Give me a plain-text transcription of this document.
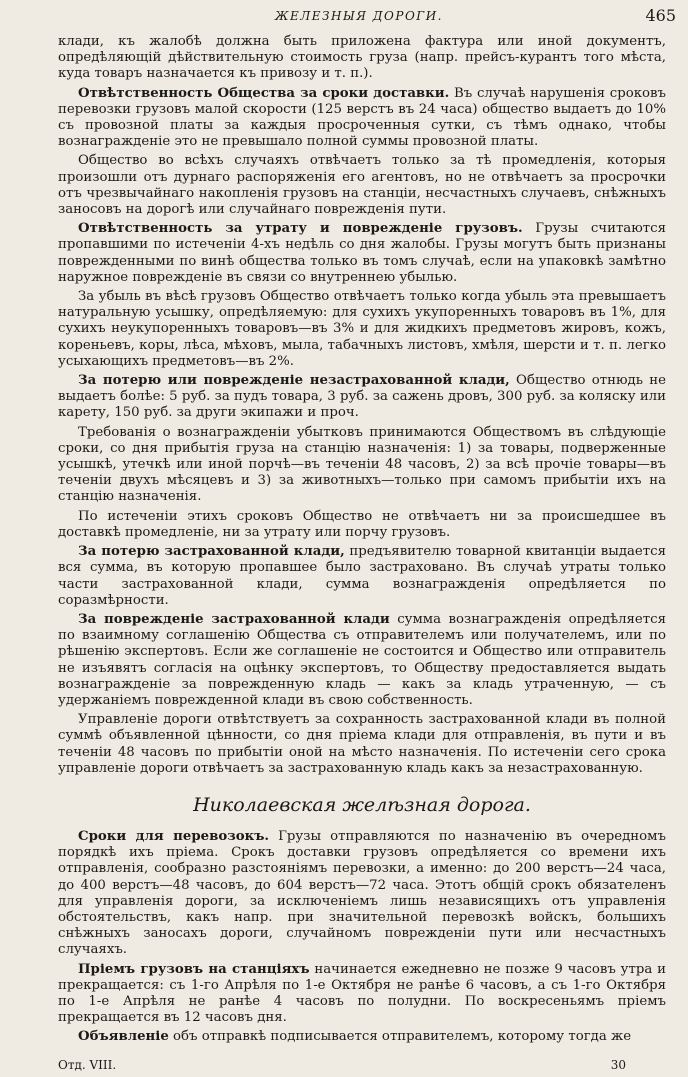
ЖЕЛЕЗНЫЯ ДОРОГИ.	465

клади, къ жалобѣ должна быть приложена фактура или иной документъ, опредѣляющій дѣйствительную стоимость груза (напр. прейсъ-курантъ того мѣста, куда товаръ назначается къ привозу и т. п.).

Отвѣтственность Общества за сроки доставки. Въ случаѣ нарушенія сроковъ перевозки грузовъ малой скорости (125 верстъ въ 24 часа) общество выдаетъ до 10% съ провозной платы за каждыя просроченныя сутки, съ тѣмъ однако, чтобы вознагражденіе это не превышало полной суммы провозной платы.

Общество во всѣхъ случаяхъ отвѣчаетъ только за тѣ промедленія, которыя произошли отъ дурнаго распоряженія его агентовъ, но не отвѣчаетъ за просрочки отъ чрезвычайнаго накопленія грузовъ на станціи, несчастныхъ случаевъ, снѣжныхъ заносовъ на дорогѣ или случайнаго поврежденія пути.

Отвѣтственность за утрату и поврежденіе грузовъ. Грузы считаются пропавшими по истеченіи 4-хъ недѣль со дня жалобы. Грузы могутъ быть признаны поврежденными по винѣ общества только въ томъ случаѣ, если на упаковкѣ замѣтно наружное поврежденіе въ связи со внутреннею убылью.

За убыль въ вѣсѣ грузовъ Общество отвѣчаетъ только когда убыль эта превышаетъ натуральную усышку, опредѣляемую: для сухихъ укупоренныхъ товаровъ въ 1%, для сухихъ неукупоренныхъ товаровъ—въ 3% и для жидкихъ предметовъ жировъ, кожъ, кореньевъ, коры, лѣса, мѣховъ, мыла, табачныхъ листовъ, хмѣля, шерсти и т. п. легко усыхающихъ предметовъ—въ 2%.

За потерю или поврежденіе незастрахованной клади, Общество отнюдь не выдаетъ болѣе: 5 руб. за пудъ товара, 3 руб. за сажень дровъ, 300 руб. за коляску или карету, 150 руб. за други экипажи и проч.

Требованія о вознагражденіи убытковъ принимаются Обществомъ въ слѣдующіе сроки, со дня прибытія груза на станцію назначенія: 1) за товары, подверженные усышкѣ, утечкѣ или иной порчѣ—въ теченіи 48 часовъ, 2) за всѣ прочіе товары—въ теченіи двухъ мѣсяцевъ и 3) за животныхъ—только при самомъ прибытіи ихъ на станцію назначенія.

По истеченіи этихъ сроковъ Общество не отвѣчаетъ ни за происшедшее въ доставкѣ промедленіе, ни за утрату или порчу грузовъ.

За потерю застрахованной клади, предъявителю товарной квитанціи выдается вся сумма, въ которую пропавшее было застраховано. Въ случаѣ утраты только части застрахованной клади, сумма вознагражденія опредѣляется по соразмѣрности.

За поврежденіе застрахованной клади сумма вознагражденія опредѣляется по взаимному соглашенію Общества съ отправителемъ или получателемъ, или по рѣшенію экспертовъ. Если же соглашеніе не состоится и Общество или отправитель не изъявятъ согласія на оцѣнку экспертовъ, то Обществу предоставляется выдать вознагражденіе за поврежденную кладь — какъ за кладь утраченную, — съ удержаніемъ поврежденной клади въ свою собственность.

Управленіе дороги отвѣтствуетъ за сохранность застрахованной клади въ полной суммѣ объявленной цѣнности, со дня пріема клади для отправленія, въ пути и въ теченіи 48 часовъ по прибытіи оной на мѣсто назначенія. По истеченіи сего срока управленіе дороги отвѣчаетъ за застрахованную кладь какъ за незастрахованную.

Николаевская желѣзная дорога.

Сроки для перевозокъ. Грузы отправляются по назначенію въ очередномъ порядкѣ ихъ пріема. Срокъ доставки грузовъ опредѣляется со времени ихъ отправленія, сообразно разстояніямъ перевозки, а именно: до 200 верстъ—24 часа, до 400 верстъ—48 часовъ, до 604 верстъ—72 часа. Этотъ общій срокъ обязателенъ для управленія дороги, за исключеніемъ лишь независящихъ отъ управленія обстоятельствъ, какъ напр. при значительной перевозкѣ войскъ, большихъ снѣжныхъ заносахъ дороги, случайномъ поврежденіи пути или несчастныхъ случаяхъ.

Пріемъ грузовъ на станціяхъ начинается ежедневно не позже 9 часовъ утра и прекращается: съ 1-го Апрѣля по 1-е Октября не ранѣе 6 часовъ, а съ 1-го Октября по 1-е Апрѣля не ранѣе 4 часовъ по полудни. По воскресеньямъ пріемъ прекращается въ 12 часовъ дня.

Объявленіе объ отправкѣ подписывается отправителемъ, которому тогда же

Отд. VIII.	30
